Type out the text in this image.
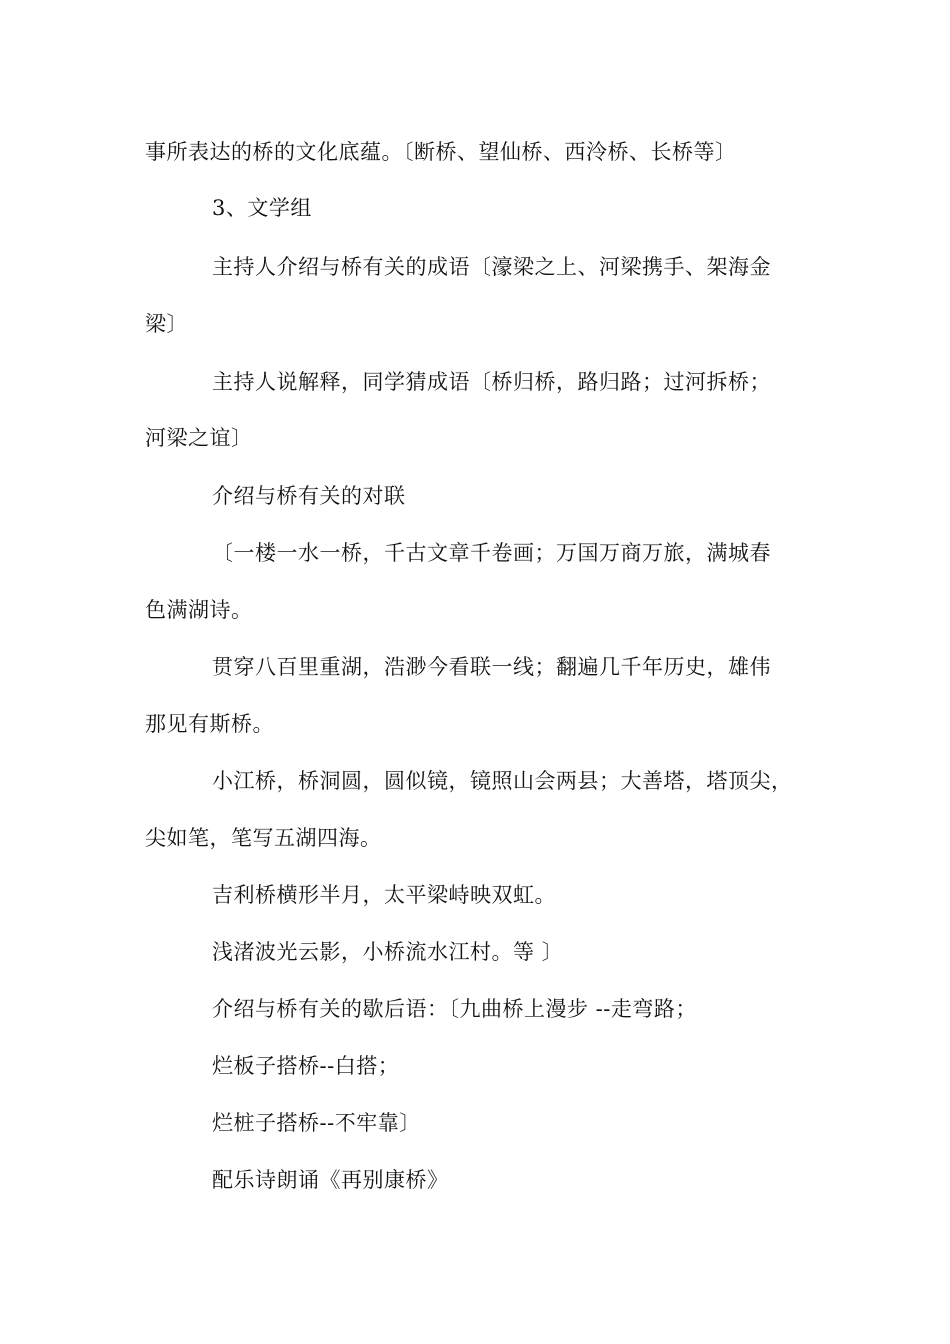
事所表达的桥的文化底蕴。〔断桥、望仙桥、西泠桥、长桥等〕
3、文学组
主持人介绍与桥有关的成语〔濠梁之上、河梁携手、架海金
梁〕
主持人说解释，同学猜成语〔桥归桥，路归路；过河拆桥；
河梁之谊〕
介绍与桥有关的对联
〔一楼一水一桥，千古文章千卷画；万国万商万旅，满城春
色满湖诗。
贯穿八百里重湖，浩渺今看联一线；翻遍几千年历史，雄伟
那见有斯桥。
小江桥，桥洞圆，圆似镜，镜照山会两县；大善塔，塔顶尖，
尖如笔，笔写五湖四海。
吉利桥横形半月，太平梁峙映双虹。
浅渚波光云影，小桥流水江村。等 〕
介绍与桥有关的歇后语：〔九曲桥上漫步 --走弯路；
烂板子搭桥--白搭；
烂桩子搭桥--不牢靠〕
配乐诗朗诵《再别康桥》
